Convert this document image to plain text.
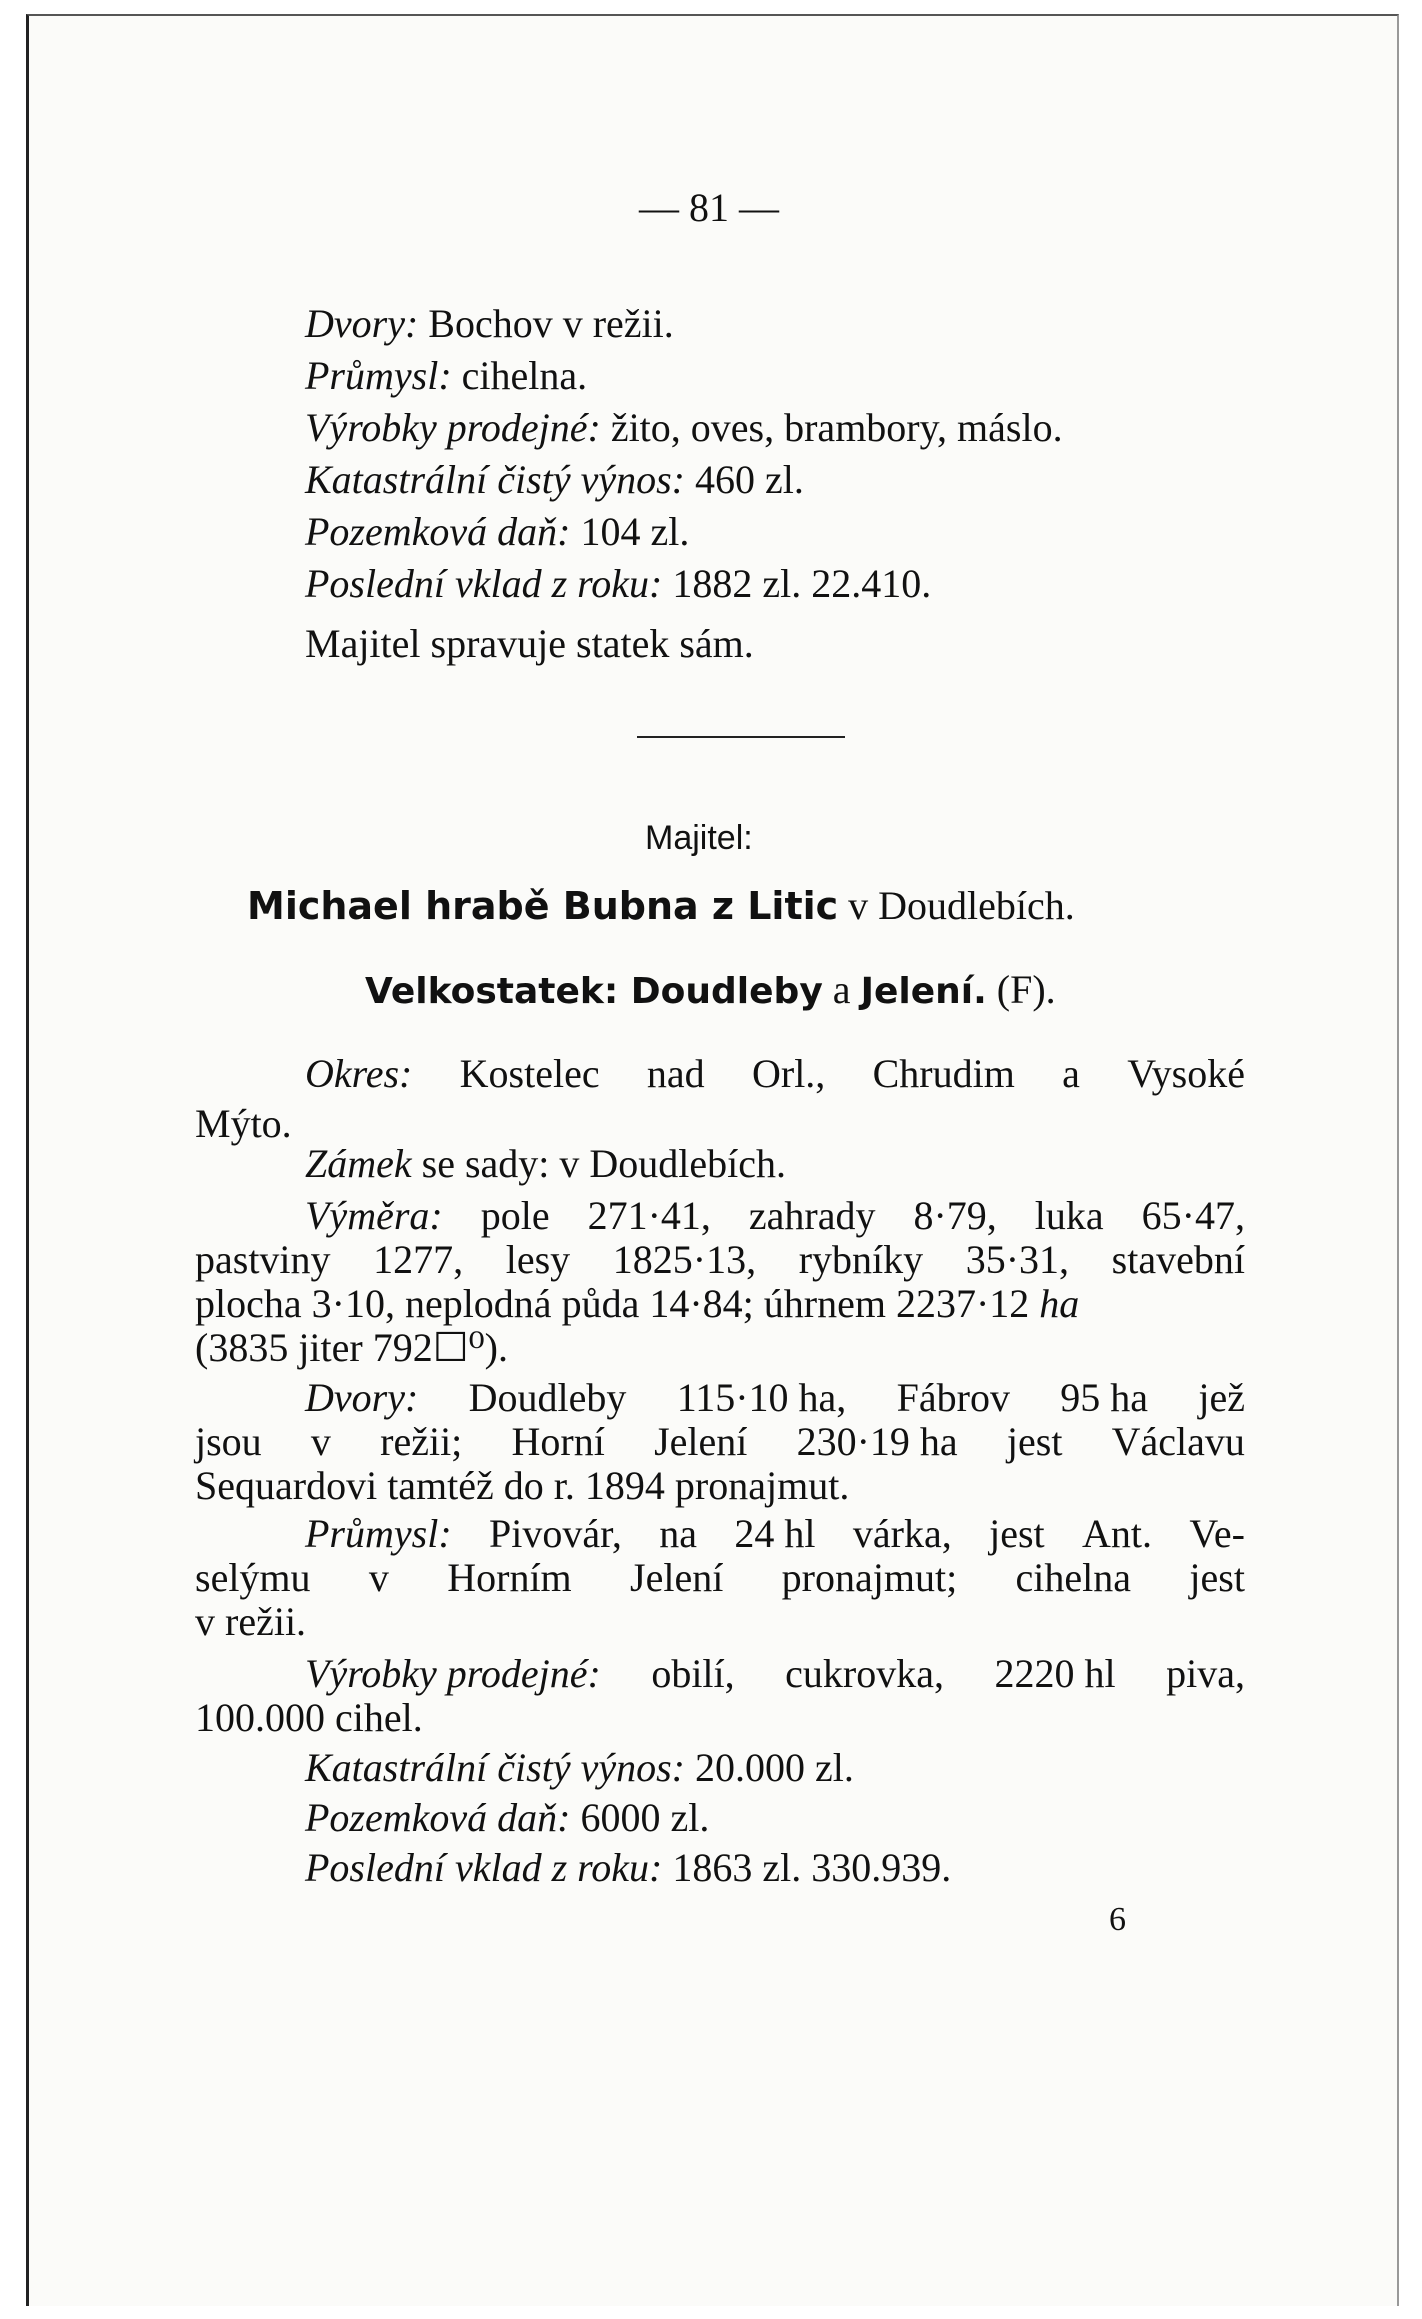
— 81 —
Dvory: Bochov v režii.
Průmysl: cihelna.
Výrobky prodejné: žito, oves, brambory, máslo.
Katastrální čistý výnos: 460 zl.
Pozemková daň: 104 zl.
Poslední vklad z roku: 1882 zl. 22.410.
Majitel spravuje statek sám.
Majitel:
Michael hrabě Bubna z Litic v Doudlebích.
Velkostatek: Doudleby a Jelení. (F).
Okres: Kostelec nad Orl., Chrudim a Vysoké
Mýto.
Zámek se sady: v Doudlebích.
Výměra: pole 271·41, zahrady 8·79, luka 65·47,
pastviny 1277, lesy 1825·13, rybníky 35·31, stavební
plocha 3·10, neplodná půda 14·84; úhrnem 2237·12 ha
(3835 jiter 792☐⁰).
Dvory: Doudleby 115·10 ha, Fábrov 95 ha jež
jsou v režii; Horní Jelení 230·19 ha jest Václavu
Sequardovi tamtéž do r. 1894 pronajmut.
Průmysl: Pivovár, na 24 hl várka, jest Ant. Ve-
selýmu v Horním Jelení pronajmut; cihelna jest
v režii.
Výrobky prodejné: obilí, cukrovka, 2220 hl piva,
100.000 cihel.
Katastrální čistý výnos: 20.000 zl.
Pozemková daň: 6000 zl.
Poslední vklad z roku: 1863 zl. 330.939.
6
